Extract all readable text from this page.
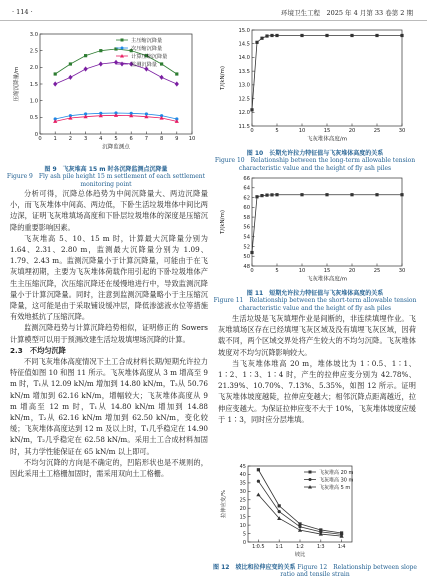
· 114 ·	环境卫生工程　2025 年 4 月第 33 卷第 2 期
0
0.5
1.0
1.5
2.0
2.5
3.0
0 1 2 3 4 5 6 7 8 9 10
沉降监测点
压缩沉降量/m
主压缩沉降量
次压缩沉降量
计算压缩沉降量
监测沉降量
图 9　飞灰堆高 15 m 时各沉降监测点沉降量
Figure 9　Fly ash pile height 15 m settlement of each settlement monitoring point
11.5
12.0
12.5
13.0
13.5
14.0
14.5
15.0
0	5	10	15	20	25	30
飞灰堆体高度/m
T/(kN/m)
图 10　长期允许拉力特征值与飞灰堆体高度的关系
Figure 10　Relationship between the long-term allowable tension characteristic value and the height of fly ash piles
48
50
52
54
56
58
60
62
64
66
0	5	10	15	20	25	30
飞灰堆体高度/m
T/(kN/m)
图 11　短期允许拉力特征值与飞灰堆体高度的关系
Figure 11　Relationship between the short-term allowable tension characteristic value and the height of fly ash piles

分析可得，沉降总体趋势为中间沉降量大、两边沉降量小，而飞灰堆体中间高、两边低，下卧生活垃圾堆体中间比两边深，证明飞灰堆填场高度和下卧层垃圾堆体的深度是压缩沉降的重要影响因素。

飞灰堆高 5、10、15 m 时，计算最大沉降量分别为 1.64、2.31、2.80 m，监测最大沉降量分别为 1.09、1.79、2.43 m。监测沉降量小于计算沉降量，可能由于在飞灰填埋初期，主要为飞灰堆体荷载作用引起的下卧垃圾堆体产生主压缩沉降，次压缩沉降还在缓慢地进行中，导致监测沉降量小于计算沉降量。同时，注意到监测沉降量略小于主压缩沉降量，这可能是由于采取铺设缓冲层，降低渗滤液水位等措施有效地抵抗了压缩沉降。

监测沉降趋势与计算沉降趋势相似，证明修正的 Sowers 计算模型可以用于预测改建生活垃圾填埋场沉降的计算。

2.3　不均匀沉降

不同飞灰堆体高度情况下土工合成材料长期/短期允许拉力特征值如图 10 和图 11 所示。飞灰堆体高度从 3 m 增高至 9 m 时，T₁从 12.09 kN/m 增加到 14.80 kN/m，T₂从 50.76 kN/m 增加到 62.16 kN/m，增幅较大；飞灰堆体高度从 9 m 增高至 12 m 时，T₁从 14.80 kN/m 增加到 14.88 kN/m，T₂从 62.16 kN/m 增加到 62.50 kN/m，变化较缓；飞灰堆体高度达到 12 m 及以上时，T₁几乎稳定在 14.90 kN/m，T₂几乎稳定在 62.58 kN/m。采用土工合成材料加固时，其力学性能保证在 65 kN/m 以上即可。

不均匀沉降的方向是不确定的，凹陷形状也是不规则的，因此采用土工格栅加固时，需采用双向土工格栅。

生活垃圾是飞灰填埋作业是间断的，非连续填埋作业。飞灰堆填场区存在已经填埋飞灰区域及没有填埋飞灰区域，因荷载不同，两个区域交界处将产生较大的不均匀沉降。飞灰堆体坡度对不均匀沉降影响较大。

当飞灰堆体堆高 20 m，堆体坡比为 1∶0.5、1∶1、1∶2、1∶3、1∶4 时，产生的拉伸应变分别为 42.78%、21.39%、10.70%、7.13%、5.35%，如图 12 所示。证明飞灰堆体坡度越陡，拉伸应变越大；相邻沉降点距离越近，拉伸应变越大。为保证拉伸应变不大于 10%，飞灰堆体坡度应缓于 1∶3，同时应分层堆填。

0
5
10
15
20
25
30
35
40
45
1∶0.5 1∶1	1∶2	1∶3	1∶4
坡比
拉伸应变/%
飞灰堆高 20 m
飞灰堆高 30 m
飞灰堆高 5 m
图 12　坡比和拉伸应变的关系 Figure 12　Relationship between slope ratio and tensile strain
